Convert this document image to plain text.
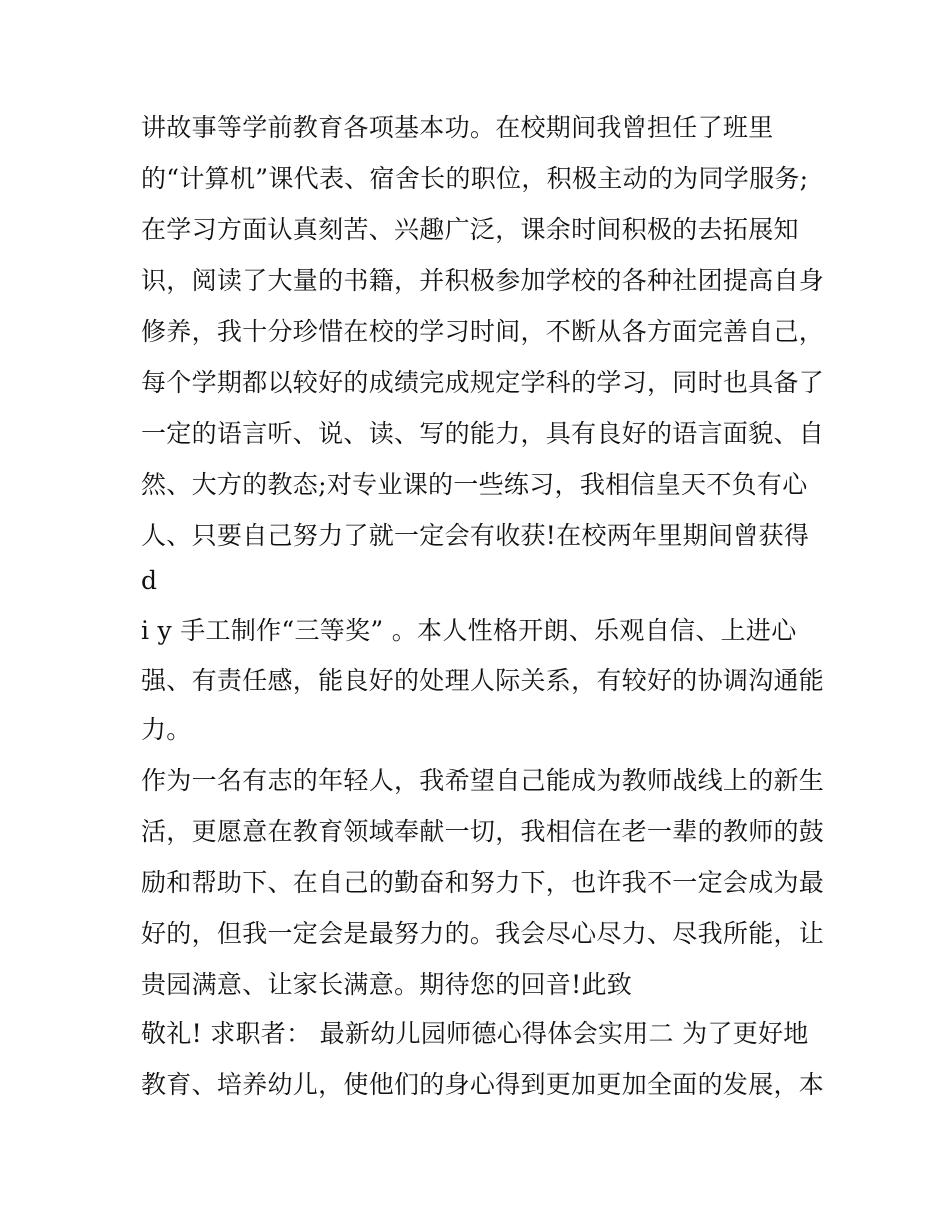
讲故事等学前教育各项基本功。在校期间我曾担任了班里
的“计算机”课代表、宿舍长的职位，积极主动的为同学服务;
在学习方面认真刻苦、兴趣广泛，课余时间积极的去拓展知
识，阅读了大量的书籍，并积极参加学校的各种社团提高自身
修养，我十分珍惜在校的学习时间，不断从各方面完善自己，
每个学期都以较好的成绩完成规定学科的学习，同时也具备了
一定的语言听、说、读、写的能力，具有良好的语言面貌、自
然、大方的教态;对专业课的一些练习，我相信皇天不负有心
人、只要自己努力了就一定会有收获!在校两年里期间曾获得
d
i y 手工制作“三等奖” 。本人性格开朗、乐观自信、上进心
强、有责任感，能良好的处理人际关系，有较好的协调沟通能
力。
作为一名有志的年轻人，我希望自己能成为教师战线上的新生
活，更愿意在教育领域奉献一切，我相信在老一辈的教师的鼓
励和帮助下、在自己的勤奋和努力下，也许我不一定会成为最
好的，但我一定会是最努力的。我会尽心尽力、尽我所能，让
贵园满意、让家长满意。期待您的回音!此致
敬礼! 求职者： 最新幼儿园师德心得体会实用二 为了更好地
教育、培养幼儿，使他们的身心得到更加更加全面的发展，本
